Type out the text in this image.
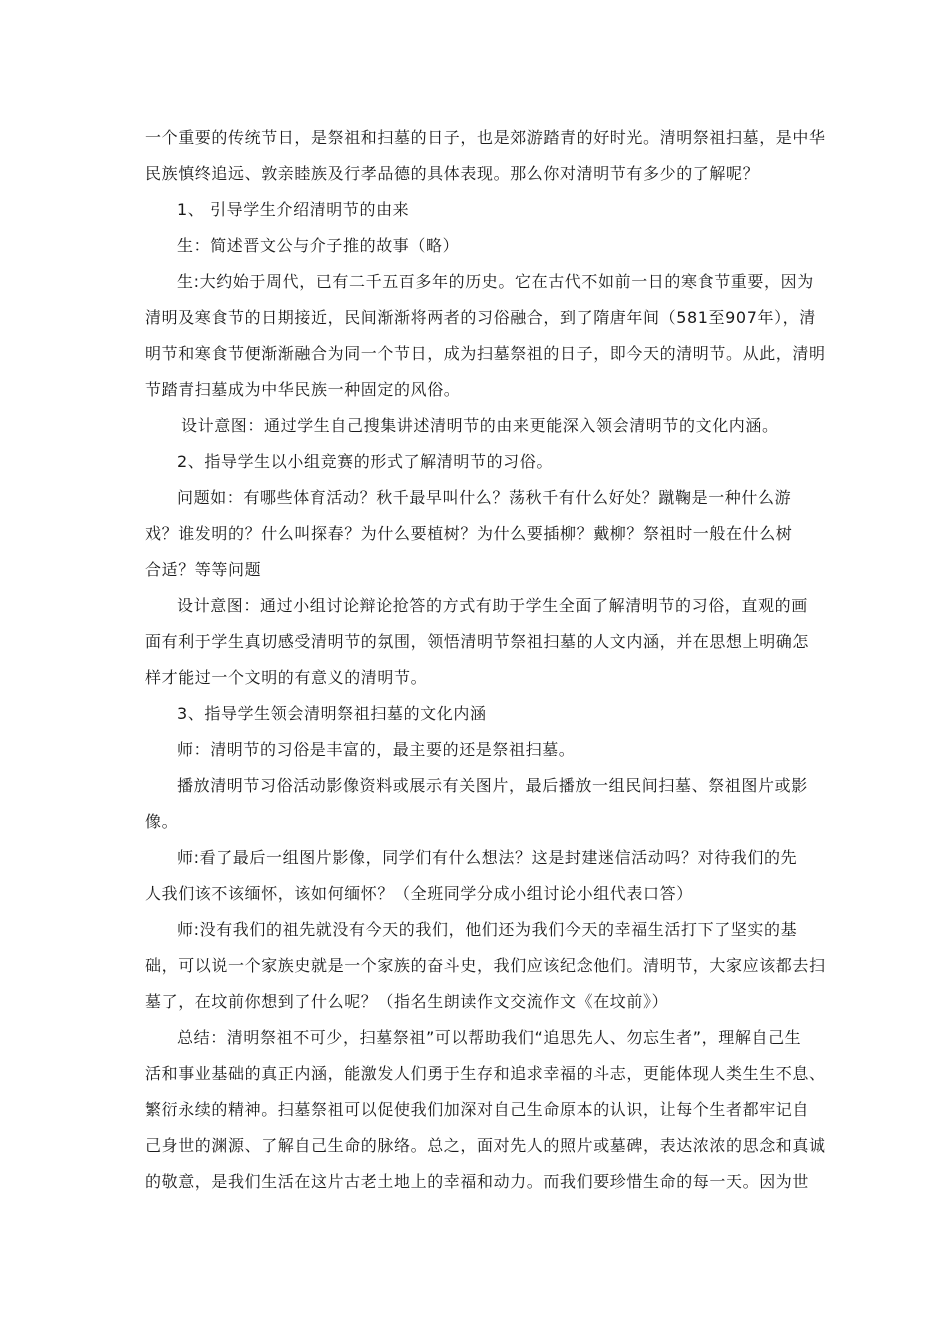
一个重要的传统节日，是祭祖和扫墓的日子，也是郊游踏青的好时光。清明祭祖扫墓，是中华
民族慎终追远、敦亲睦族及行孝品德的具体表现。那么你对清明节有多少的了解呢？
1、 引导学生介绍清明节的由来
生：简述晋文公与介子推的故事（略）
生:大约始于周代，已有二千五百多年的历史。它在古代不如前一日的寒食节重要，因为
清明及寒食节的日期接近，民间渐渐将两者的习俗融合，到了隋唐年间（581至907年），清
明节和寒食节便渐渐融合为同一个节日，成为扫墓祭祖的日子，即今天的清明节。从此，清明
节踏青扫墓成为中华民族一种固定的风俗。
设计意图：通过学生自己搜集讲述清明节的由来更能深入领会清明节的文化内涵。
2、指导学生以小组竞赛的形式了解清明节的习俗。
问题如：有哪些体育活动？秋千最早叫什么？荡秋千有什么好处？蹴鞠是一种什么游
戏？谁发明的？什么叫探春？为什么要植树？为什么要插柳？戴柳？祭祖时一般在什么树
合适？等等问题
设计意图：通过小组讨论辩论抢答的方式有助于学生全面了解清明节的习俗，直观的画
面有利于学生真切感受清明节的氛围，领悟清明节祭祖扫墓的人文内涵，并在思想上明确怎
样才能过一个文明的有意义的清明节。
3、指导学生领会清明祭祖扫墓的文化内涵
师：清明节的习俗是丰富的，最主要的还是祭祖扫墓。
播放清明节习俗活动影像资料或展示有关图片，最后播放一组民间扫墓、祭祖图片或影
像。
师:看了最后一组图片影像，同学们有什么想法？这是封建迷信活动吗？对待我们的先
人我们该不该缅怀，该如何缅怀？（全班同学分成小组讨论小组代表口答）
师:没有我们的祖先就没有今天的我们，他们还为我们今天的幸福生活打下了坚实的基
础，可以说一个家族史就是一个家族的奋斗史，我们应该纪念他们。清明节，大家应该都去扫
墓了，在坟前你想到了什么呢？（指名生朗读作文交流作文《在坟前》）
总结：清明祭祖不可少，扫墓祭祖”可以帮助我们“追思先人、勿忘生者”，理解自己生
活和事业基础的真正内涵，能激发人们勇于生存和追求幸福的斗志，更能体现人类生生不息、
繁衍永续的精神。扫墓祭祖可以促使我们加深对自己生命原本的认识，让每个生者都牢记自
己身世的渊源、了解自己生命的脉络。总之，面对先人的照片或墓碑，表达浓浓的思念和真诚
的敬意，是我们生活在这片古老土地上的幸福和动力。而我们要珍惜生命的每一天。因为世
